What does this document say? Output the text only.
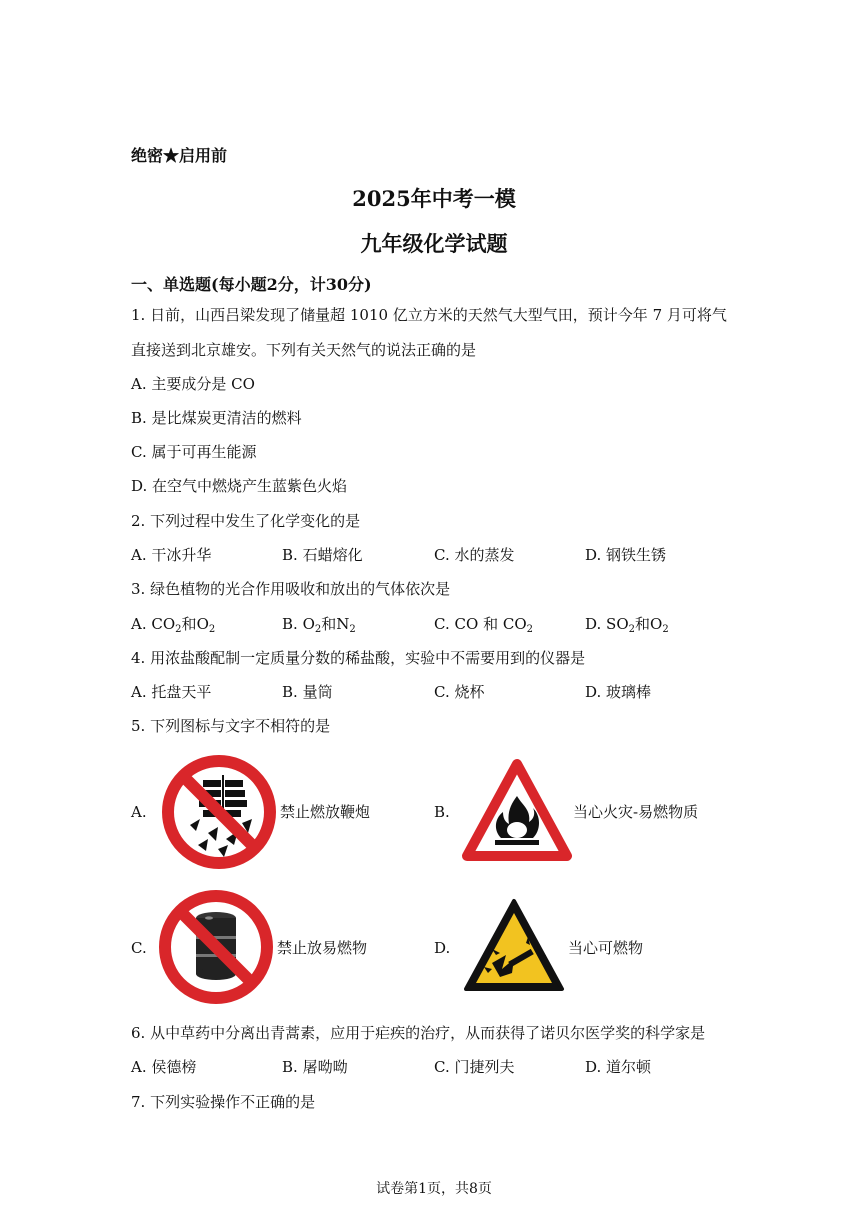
绝密★启用前
2025年中考一模
九年级化学试题
一、单选题(每小题2分，计30分)
1. 日前，山西吕梁发现了储量超 1010 亿立方米的天然气大型气田，预计今年 7 月可将气
直接送到北京雄安。下列有关天然气的说法正确的是
A. 主要成分是 CO
B. 是比煤炭更清洁的燃料
C. 属于可再生能源
D. 在空气中燃烧产生蓝紫色火焰
2. 下列过程中发生了化学变化的是
A. 干冰升华	B. 石蜡熔化	C. 水的蒸发	D. 钢铁生锈
3. 绿色植物的光合作用吸收和放出的气体依次是
A. $CO_2$和$O_2$	B. $O_2$和$N_2$	C. CO 和 $CO_2$	D. $SO_2$和$O_2$
4. 用浓盐酸配制一定质量分数的稀盐酸，实验中不需要用到的仪器是
A. 托盘天平	B. 量筒	C. 烧杯	D. 玻璃棒
5. 下列图标与文字不相符的是
A.	禁止燃放鞭炮	B.	当心火灾-易燃物质
C.	禁止放易燃物	D.	当心可燃物
6. 从中草药中分离出青蒿素，应用于疟疾的治疗，从而获得了诺贝尔医学奖的科学家是
A. 侯德榜	B. 屠呦呦	C. 门捷列夫	D. 道尔顿
7. 下列实验操作不正确的是
试卷第1页，共8页
